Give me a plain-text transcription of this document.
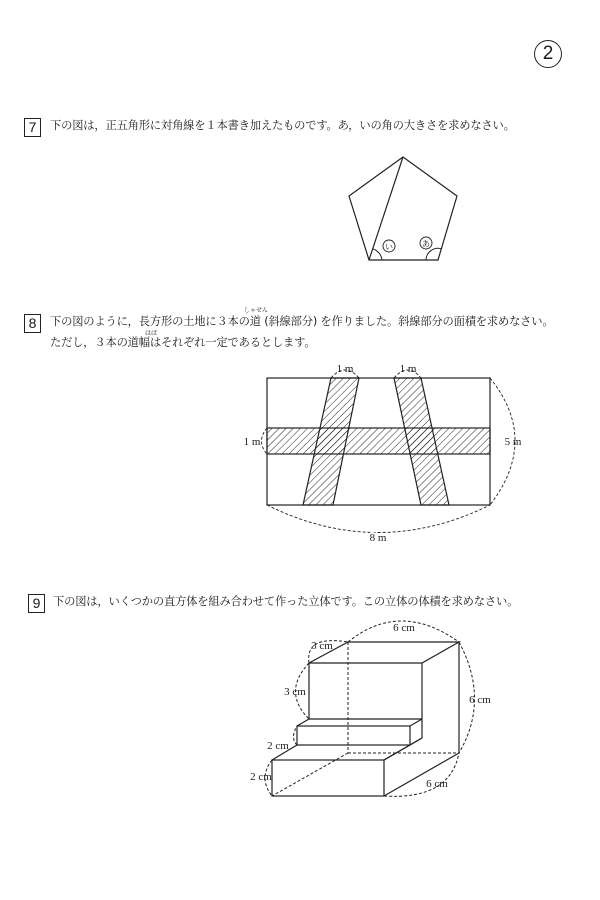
2
7	下の図は，正五角形に対角線を１本書き加えたものです。あ，いの角の大きさを求めなさい。
い	あ
1 m	1 m
1 m	5 m
8 m
6 cm
3 cm
3 cm
2 cm
2 cm
6 cm
6 cm
8
しゃせん
下の図のように，長方形の土地に３本の道 (斜線部分) を作りました。斜線部分の面積を求めなさい。
はば
ただし，３本の道幅はそれぞれ一定であるとします。
9	下の図は，いくつかの直方体を組み合わせて作った立体です。この立体の体積を求めなさい。
